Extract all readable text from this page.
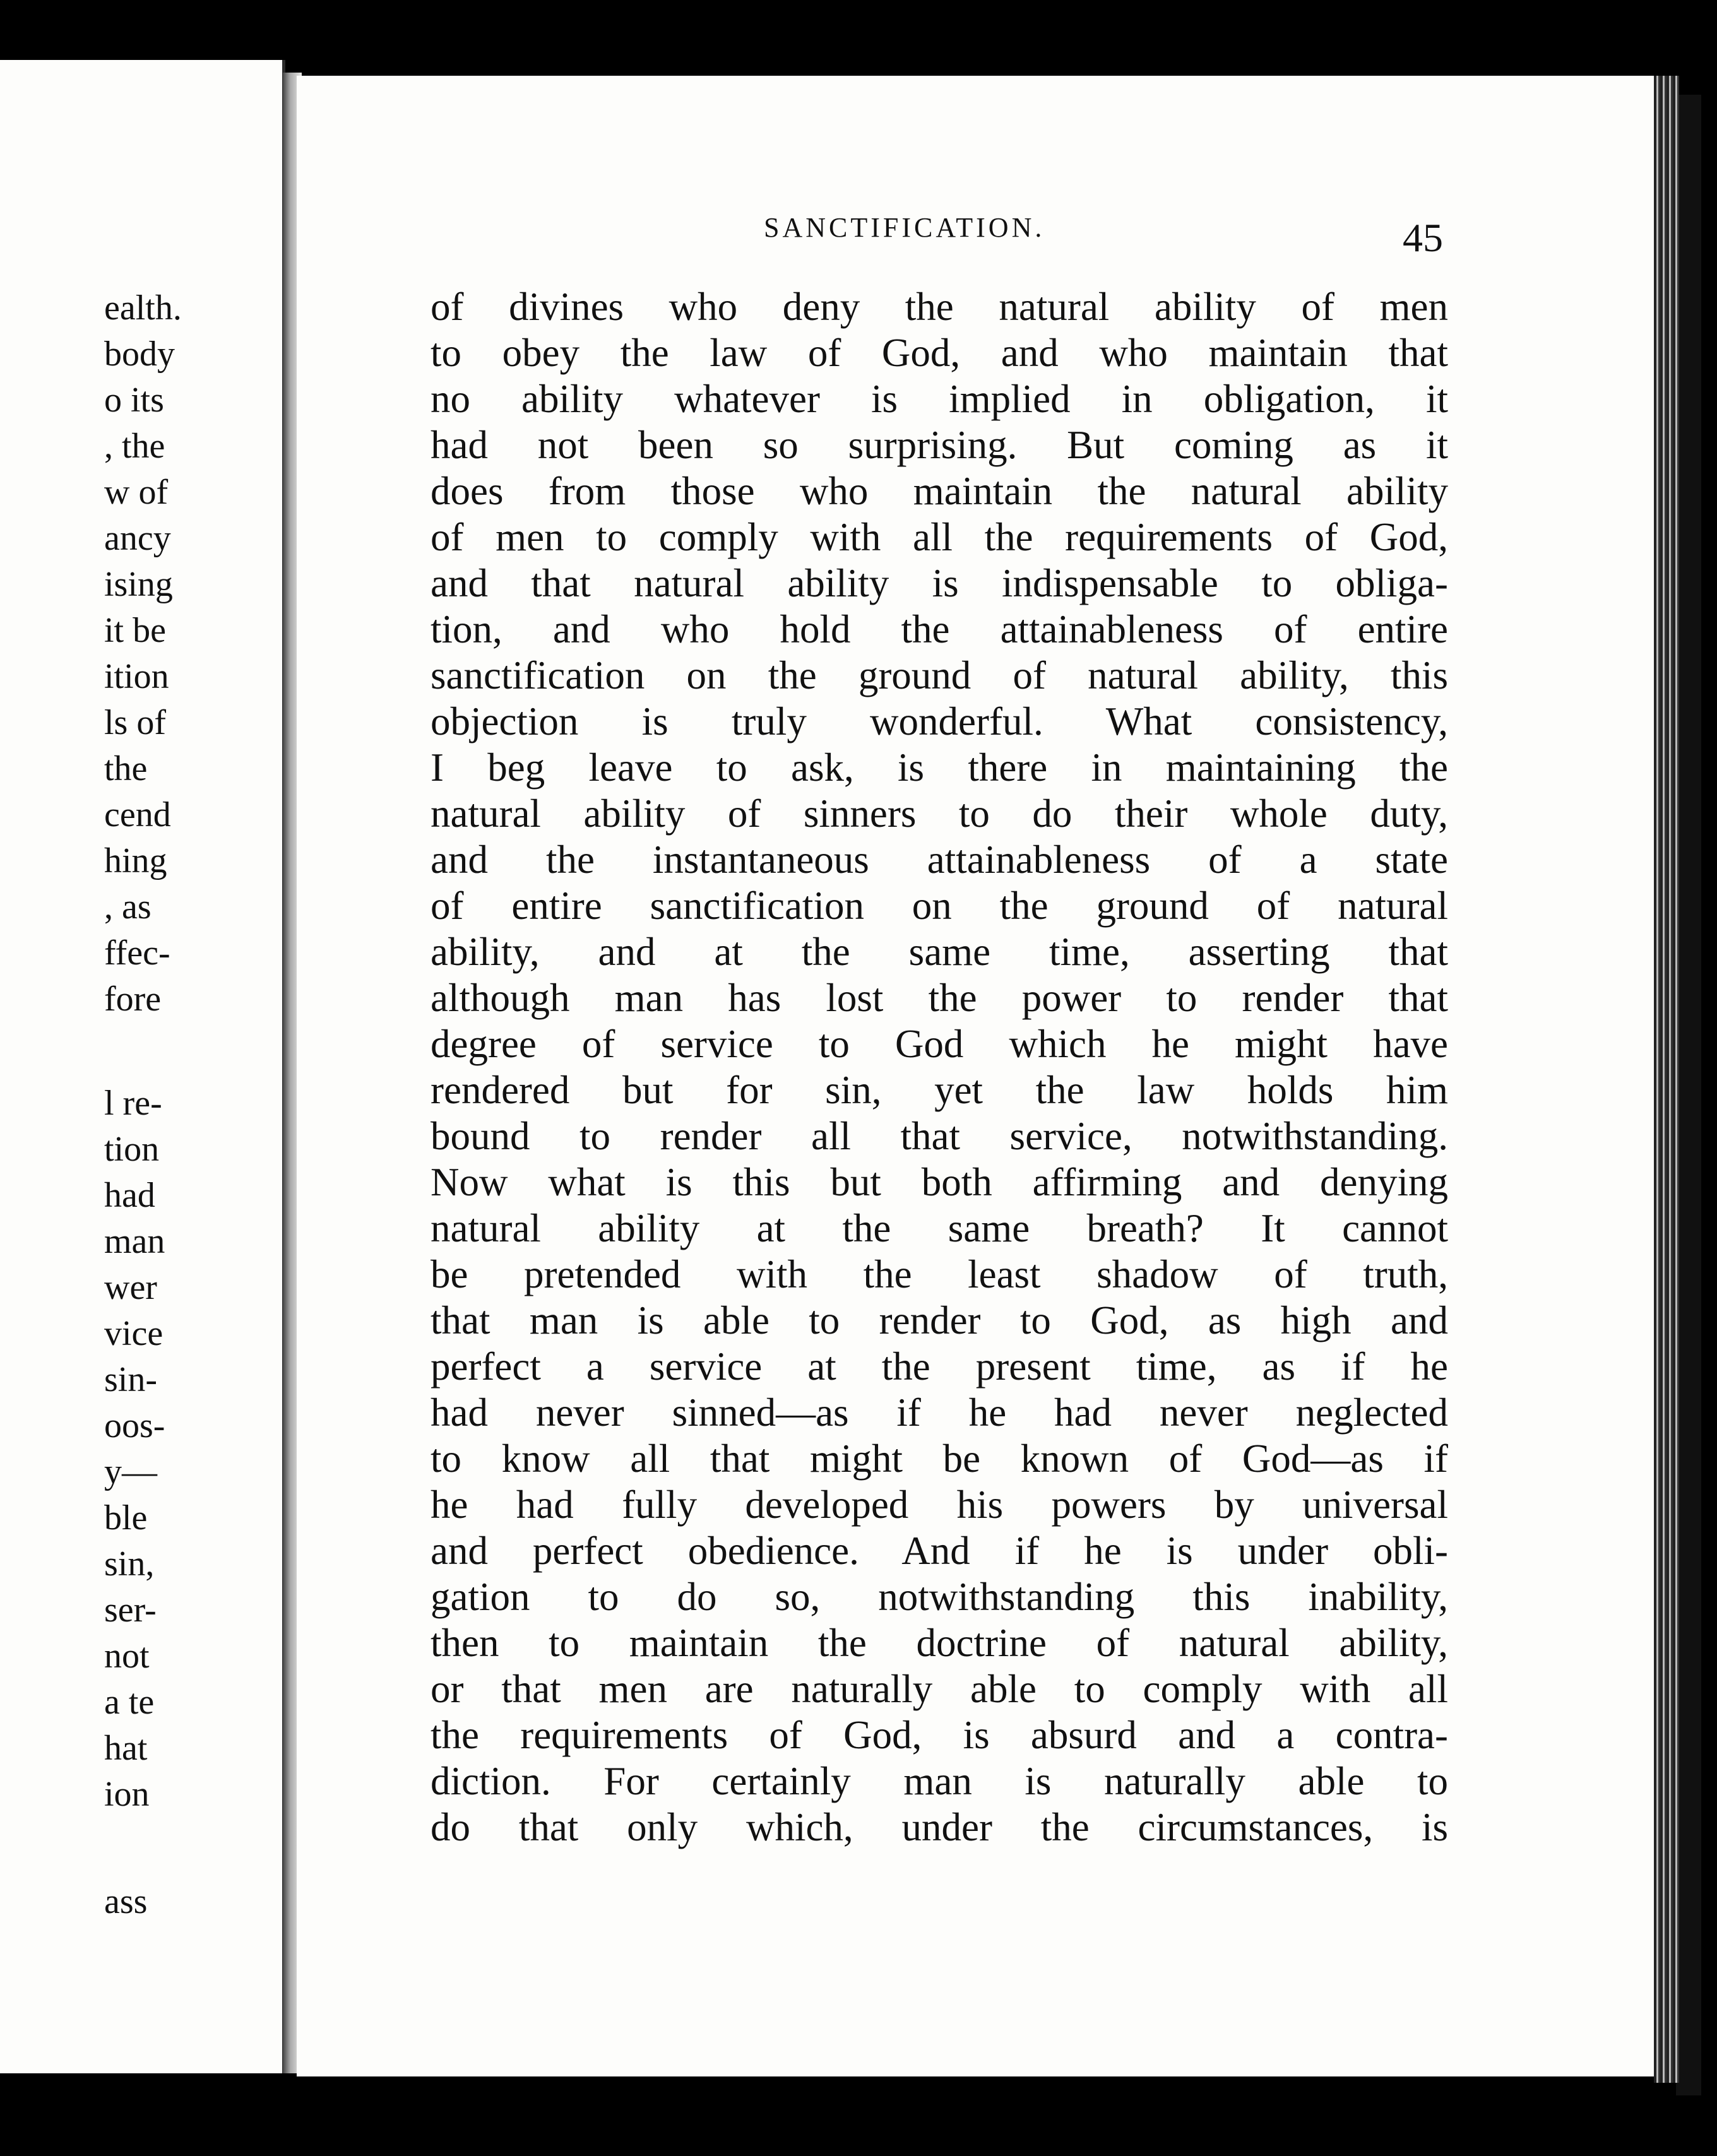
ealth.
body
o its
, the
w of
ancy
ising
it be
ition
ls of
the
cend
hing
, as
ffec-
fore
l re-
tion
had
man
wer
vice
sin-
oos-
y—
ble
sin,
ser-
not
a te
hat
ion
ass
SANCTIFICATION.	45
of divines who deny the natural ability of men
to obey the law of God, and who maintain that
no ability whatever is implied in obligation, it
had not been so surprising. But coming as it
does from those who maintain the natural ability
of men to comply with all the requirements of God,
and that natural ability is indispensable to obliga-
tion, and who hold the attainableness of entire
sanctification on the ground of natural ability, this
objection is truly wonderful. What consistency,
I beg leave to ask, is there in maintaining the
natural ability of sinners to do their whole duty,
and the instantaneous attainableness of a state
of entire sanctification on the ground of natural
ability, and at the same time, asserting that
although man has lost the power to render that
degree of service to God which he might have
rendered but for sin, yet the law holds him
bound to render all that service, notwithstanding.
Now what is this but both affirming and denying
natural ability at the same breath? It cannot
be pretended with the least shadow of truth,
that man is able to render to God, as high and
perfect a service at the present time, as if he
had never sinned—as if he had never neglected
to know all that might be known of God—as if
he had fully developed his powers by universal
and perfect obedience. And if he is under obli-
gation to do so, notwithstanding this inability,
then to maintain the doctrine of natural ability,
or that men are naturally able to comply with all
the requirements of God, is absurd and a contra-
diction. For certainly man is naturally able to
do that only which, under the circumstances, is
